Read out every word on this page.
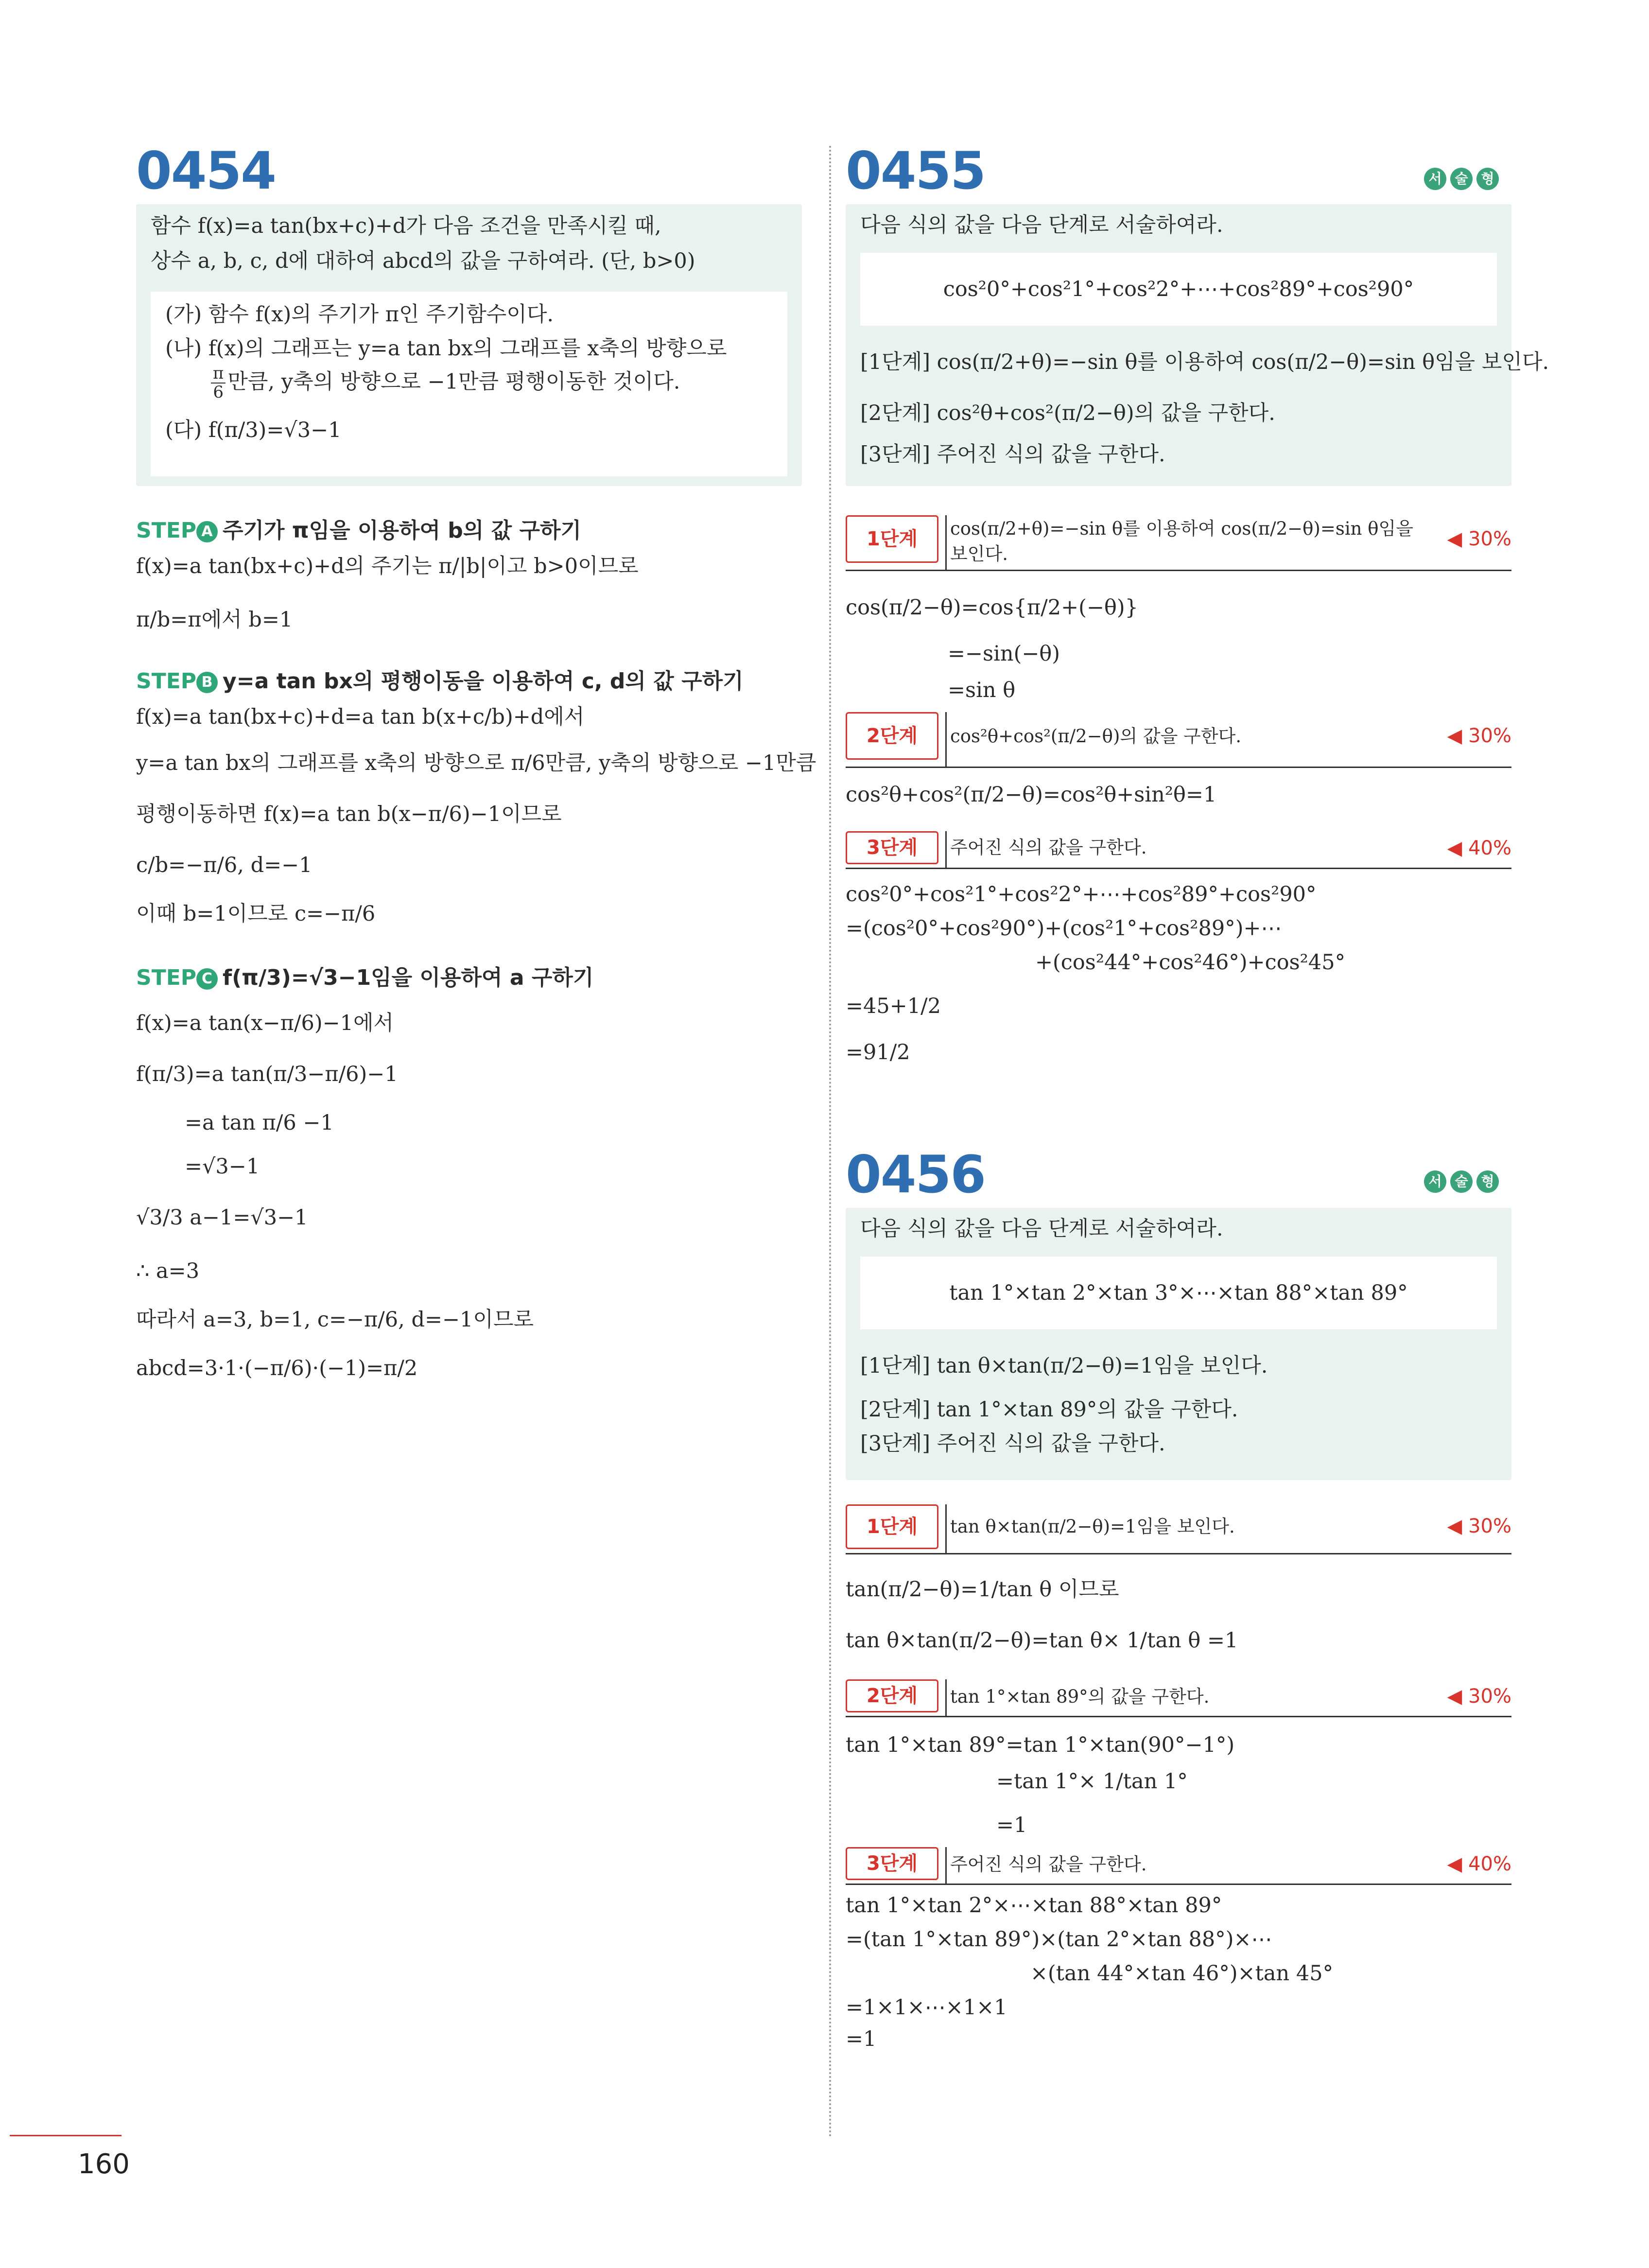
0454
함수 f(x)=a tan(bx+c)+d가 다음 조건을 만족시킬 때,
상수 a, b, c, d에 대하여 abcd의 값을 구하여라. (단, b>0)
(가) 함수 f(x)의 주기가 π인 주기함수이다.
(나) f(x)의 그래프는 y=a tan bx의 그래프를 x축의 방향으로
$\frac{\pi}{6}$ 만큼, y축의 방향으로 −1만큼 평행이동한 것이다.
(다) f(π/3)=√3−1
STEP A 주기가 π임을 이용하여 b의 값 구하기
f(x)=a tan(bx+c)+d의 주기는 π/|b|이고 b>0이므로
π/b=π에서 b=1
STEP B y=a tan bx의 평행이동을 이용하여 c, d의 값 구하기
f(x)=a tan(bx+c)+d=a tan b(x+c/b)+d에서
y=a tan bx의 그래프를 x축의 방향으로 π/6만큼, y축의 방향으로 −1만큼
평행이동하면 f(x)=a tan b(x−π/6)−1이므로
c/b=−π/6, d=−1
이때 b=1이므로 c=−π/6
STEP C f(π/3)=√3−1임을 이용하여 a 구하기
f(x)=a tan(x−π/6)−1에서
f(π/3)=a tan(π/3−π/6)−1
=a tan π/6 −1
=√3−1
√3/3 a−1=√3−1
∴ a=3
따라서 a=3, b=1, c=−π/6, d=−1이므로
abcd=3·1·(−π/6)·(−1)=π/2
0455	서 술 형
다음 식의 값을 다음 단계로 서술하여라.
cos²0°+cos²1°+cos²2°+⋯+cos²89°+cos²90°
[1단계] cos(π/2+θ)=−sin θ를 이용하여 cos(π/2−θ)=sin θ임을 보인다.
[2단계] cos²θ+cos²(π/2−θ)의 값을 구한다.
[3단계] 주어진 식의 값을 구한다.
1단계	cos(π/2+θ)=−sin θ를 이용하여 cos(π/2−θ)=sin θ임을
보인다.
◀ 30%
cos(π/2−θ)=cos{π/2+(−θ)}
=−sin(−θ)
=sin θ
2단계	cos²θ+cos²(π/2−θ)의 값을 구한다.	◀ 30%
cos²θ+cos²(π/2−θ)=cos²θ+sin²θ=1
3단계	주어진 식의 값을 구한다.	◀ 40%
cos²0°+cos²1°+cos²2°+⋯+cos²89°+cos²90°
=(cos²0°+cos²90°)+(cos²1°+cos²89°)+⋯
+(cos²44°+cos²46°)+cos²45°
=45+1/2
=91/2
0456	서 술 형
다음 식의 값을 다음 단계로 서술하여라.
tan 1°×tan 2°×tan 3°×⋯×tan 88°×tan 89°
[1단계] tan θ×tan(π/2−θ)=1임을 보인다.
[2단계] tan 1°×tan 89°의 값을 구한다.
[3단계] 주어진 식의 값을 구한다.
1단계	tan θ×tan(π/2−θ)=1임을 보인다.	◀ 30%
tan(π/2−θ)=1/tan θ 이므로
tan θ×tan(π/2−θ)=tan θ× 1/tan θ =1
2단계	tan 1°×tan 89°의 값을 구한다.	◀ 30%
tan 1°×tan 89°=tan 1°×tan(90°−1°)
=tan 1°× 1/tan 1°
=1
3단계	주어진 식의 값을 구한다.	◀ 40%
tan 1°×tan 2°×⋯×tan 88°×tan 89°
=(tan 1°×tan 89°)×(tan 2°×tan 88°)×⋯
×(tan 44°×tan 46°)×tan 45°
=1×1×⋯×1×1
=1
160
